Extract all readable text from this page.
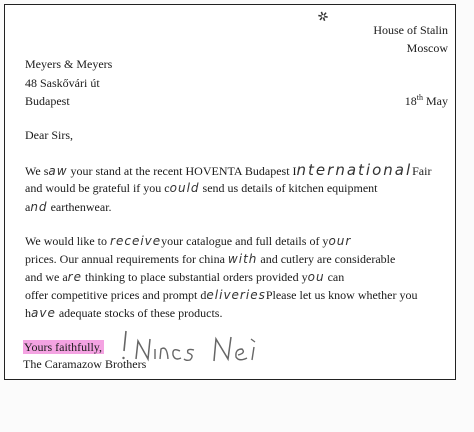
✲
House of Stalin
Moscow
Meyers & Meyers
48 Saskővári út
Budapest	18th May
Dear Sirs,
We saw your stand at the recent HOVENTA Budapest InternationalFair
and would be grateful if you could send us details of kitchen equipment
and earthenwear.
We would like to receiveyour catalogue and full details of your
prices. Our annual requirements for china with and cutlery are considerable
and we are thinking to place substantial orders provided you can
offer competitive prices and prompt deliveriesPlease let us know whether you
have adequate stocks of these products.
Yours faithfully,
The Caramazow Brothers
